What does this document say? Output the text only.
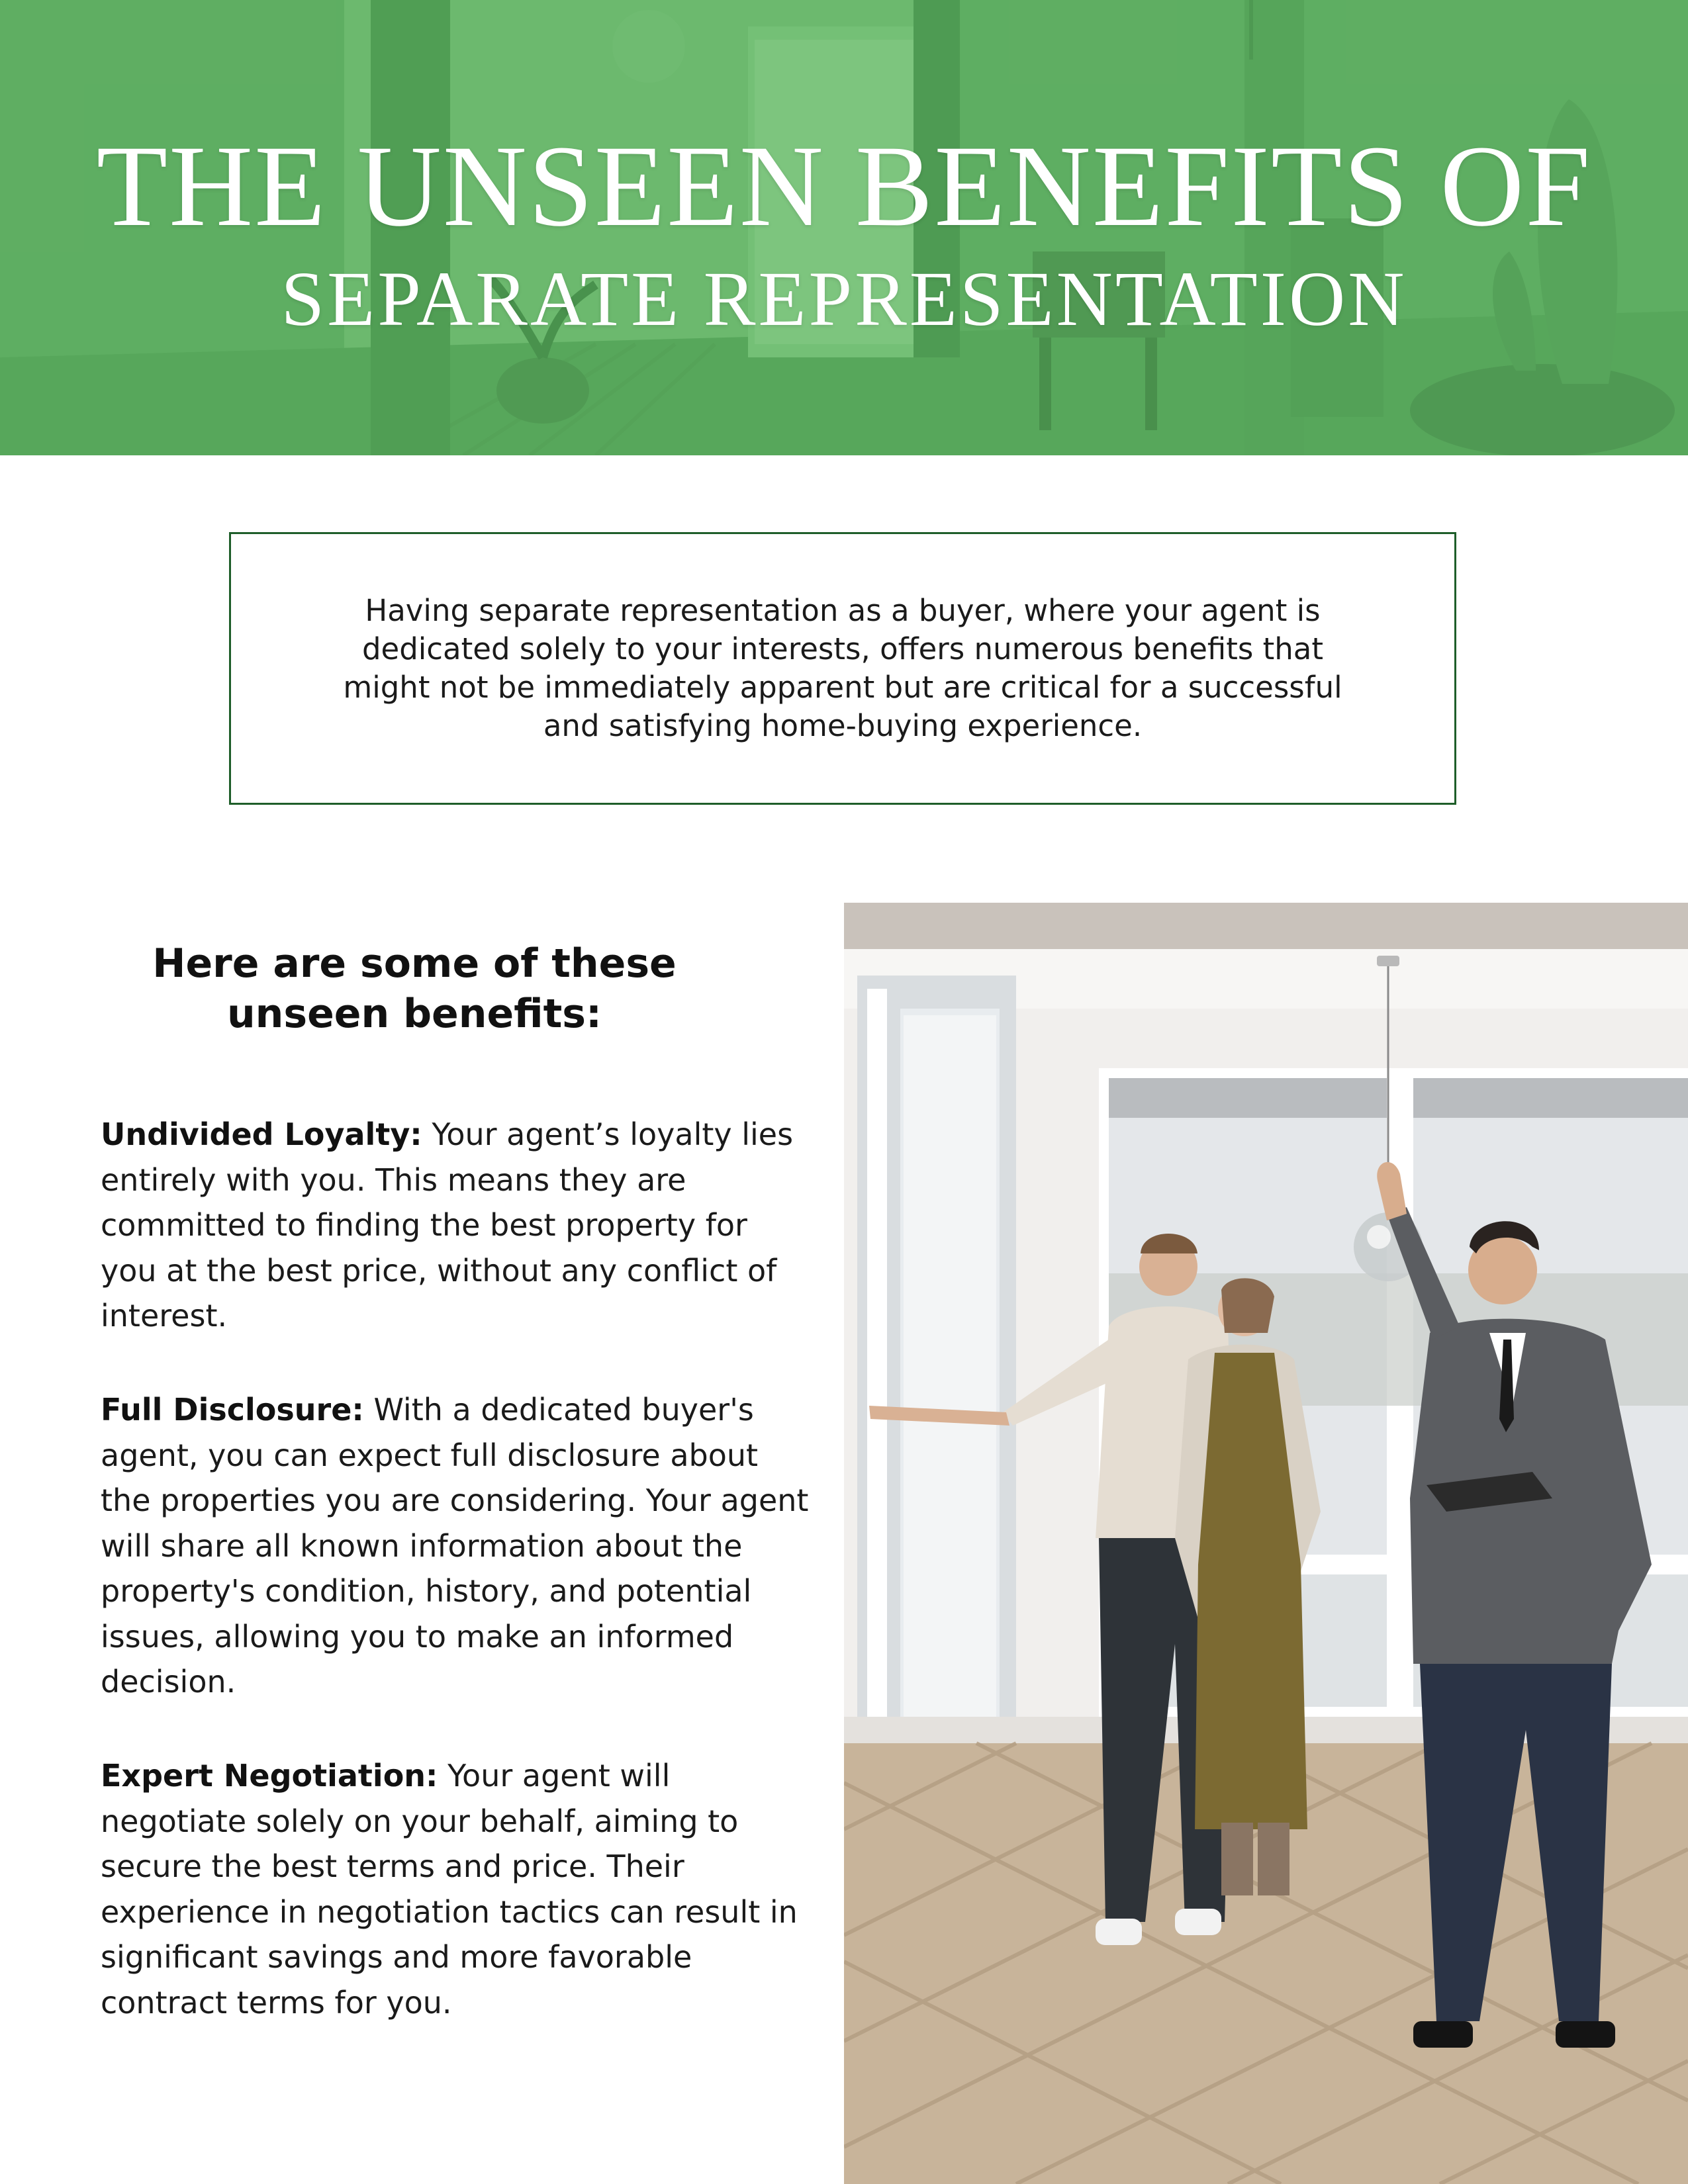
THE UNSEEN BENEFITS OF
SEPARATE REPRESENTATION

Having separate representation as a buyer, where your agent is dedicated solely to your interests, offers numerous benefits that might not be immediately apparent but are critical for a successful and satisfying home-buying experience.

Here are some of these
unseen benefits:

Undivided Loyalty: Your agent’s loyalty lies entirely with you. This means they are committed to finding the best property for you at the best price, without any conflict of interest.

Full Disclosure: With a dedicated buyer's agent, you can expect full disclosure about the properties you are considering. Your agent will share all known information about the property's condition, history, and potential issues, allowing you to make an informed decision.

Expert Negotiation: Your agent will negotiate solely on your behalf, aiming to secure the best terms and price. Their experience in negotiation tactics can result in significant savings and more favorable contract terms for you.
